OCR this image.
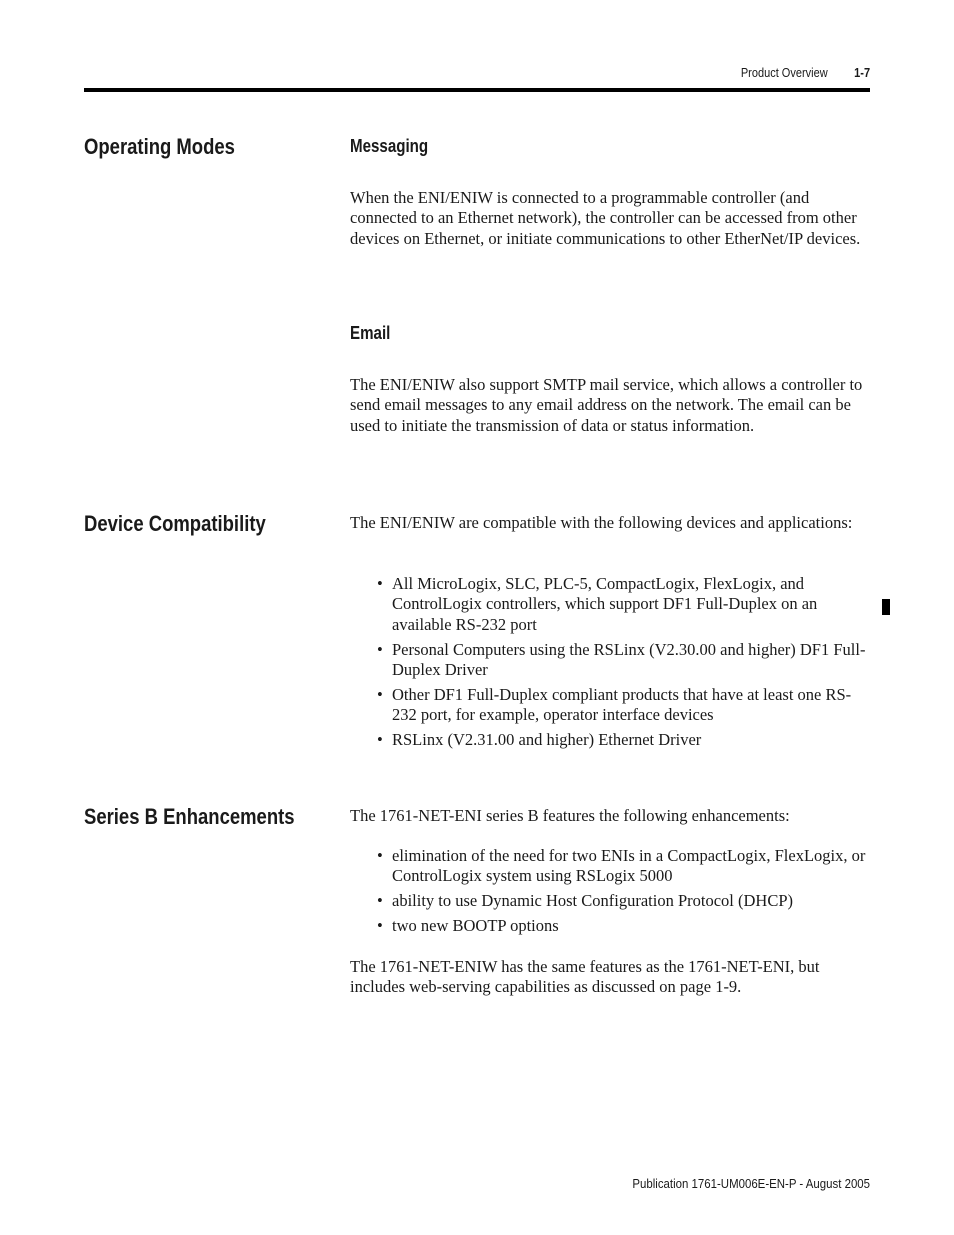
Product Overview 1-7
Operating Modes	Messaging

When the ENI/ENIW is connected to a programmable controller (and connected to an Ethernet network), the controller can be accessed from other devices on Ethernet, or initiate communications to other EtherNet/IP devices.

Email

The ENI/ENIW also support SMTP mail service, which allows a controller to send email messages to any email address on the network. The email can be used to initiate the transmission of data or status information.

Device Compatibility	The ENI/ENIW are compatible with the following devices and applications:

• All MicroLogix, SLC, PLC-5, CompactLogix, FlexLogix, and ControlLogix controllers, which support DF1 Full-Duplex on an available RS-232 port
• Personal Computers using the RSLinx (V2.30.00 and higher) DF1 Full-Duplex Driver
• Other DF1 Full-Duplex compliant products that have at least one RS-232 port, for example, operator interface devices
• RSLinx (V2.31.00 and higher) Ethernet Driver
Series B Enhancements	The 1761-NET-ENI series B features the following enhancements:

• elimination of the need for two ENIs in a CompactLogix, FlexLogix, or ControlLogix system using RSLogix 5000
• ability to use Dynamic Host Configuration Protocol (DHCP)
• two new BOOTP options

The 1761-NET-ENIW has the same features as the 1761-NET-ENI, but includes web-serving capabilities as discussed on page 1-9.

Publication 1761-UM006E-EN-P - August 2005
